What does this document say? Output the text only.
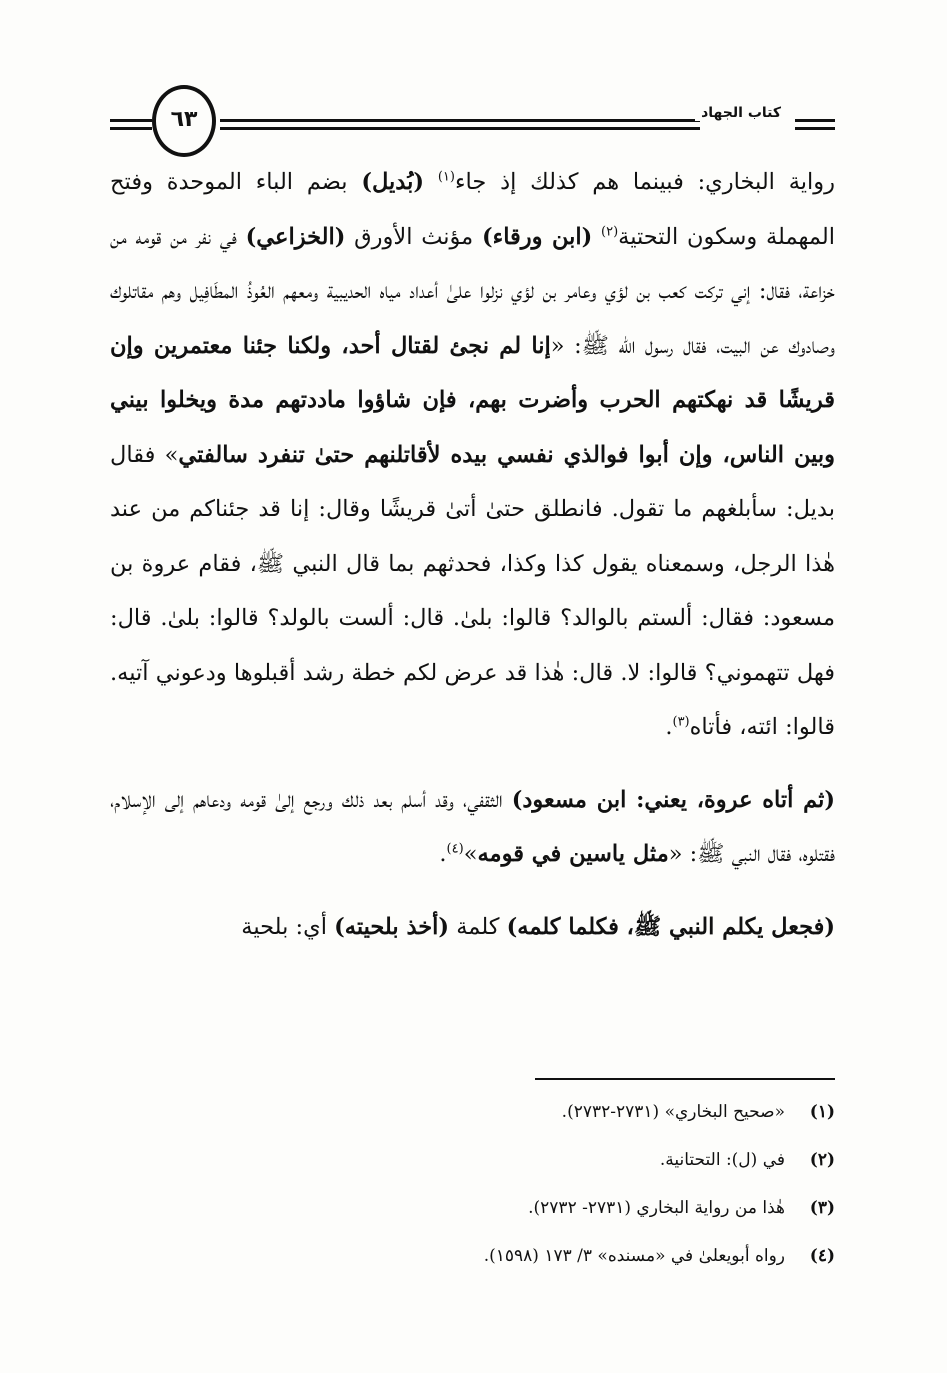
كتاب الجهاد
٦٣

رواية البخاري: فبينما هم كذلك إذ جاء$^{(١)}$ (بُديل) بضم الباء الموحدة وفتح المهملة وسكون التحتية$^{(٢)}$ (ابن ورقاء) مؤنث الأورق (الخزاعي) في نفر من قومه من خزاعة، فقال: إني تركت كعب بن لؤي وعامر بن لؤي نزلوا علىٰ أعداد مياه الحديبية ومعهم العُوذُ المطَافِيل وهم مقاتلوك وصادوك عن البيت، فقال رسول الله ﷺ: «إنا لم نجئ لقتال أحد، ولكنا جئنا معتمرين وإن قريشًا قد نهكتهم الحرب وأضرت بهم، فإن شاؤوا ماددتهم مدة ويخلوا بيني وبين الناس، وإن أبوا فوالذي نفسي بيده لأقاتلنهم حتىٰ تنفرد سالفتي» فقال بديل: سأبلغهم ما تقول. فانطلق حتىٰ أتىٰ قريشًا وقال: إنا قد جئناكم من عند هٰذا الرجل، وسمعناه يقول كذا وكذا، فحدثهم بما قال النبي ﷺ، فقام عروة بن مسعود: فقال: ألستم بالوالد؟ قالوا: بلىٰ. قال: ألست بالولد؟ قالوا: بلىٰ. قال: فهل تتهموني؟ قالوا: لا. قال: هٰذا قد عرض لكم خطة رشد أقبلوها ودعوني آتيه. قالوا: ائته، فأتاه$^{(٣)}$.

(ثم أتاه عروة، يعني: ابن مسعود) الثقفي، وقد أسلم بعد ذلك ورجع إلىٰ قومه ودعاهم إلى الإسلام، فقتلوه، فقال النبي ﷺ: «مثل ياسين في قومه»$^{(٤)}$.

(فجعل يكلم النبي ﷺ، فكلما كلمه) كلمة (أخذ بلحيته) أي: بلحية

(١)
«صحيح البخاري» (٢٧٣١-٢٧٣٢).
(٢)
في (ل): التحتانية.
(٣)
هٰذا من رواية البخاري (٢٧٣١- ٢٧٣٢).
(٤)
رواه أبويعلىٰ في «مسنده» ٣/ ١٧٣ (١٥٩٨).
